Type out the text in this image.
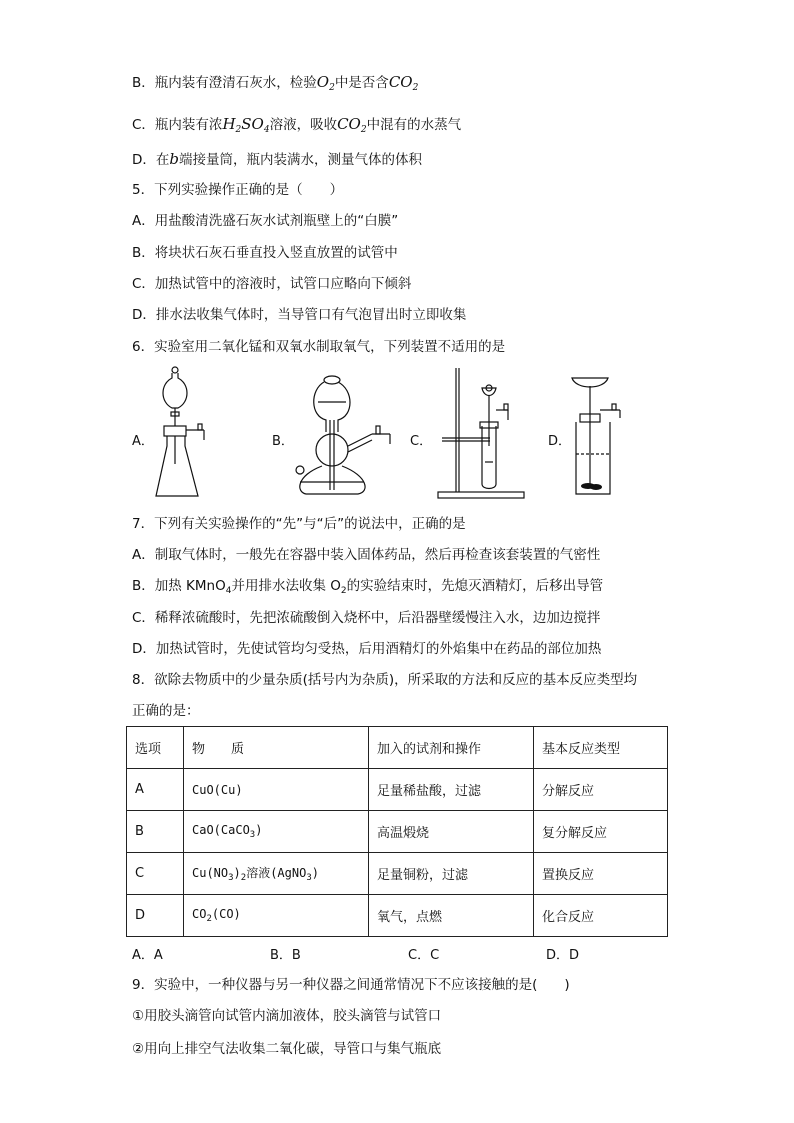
B．瓶内装有澄清石灰水，检验$O_2$中是否含$CO_2$
C．瓶内装有浓$H_2SO_4$溶液，吸收$CO_2$中混有的水蒸气
D．在b端接量筒，瓶内装满水，测量气体的体积
5．下列实验操作正确的是（　　）
A．用盐酸清洗盛石灰水试剂瓶壁上的“白膜”
B．将块状石灰石垂直投入竖直放置的试管中
C．加热试管中的溶液时，试管口应略向下倾斜
D．排水法收集气体时，当导管口有气泡冒出时立即收集
6．实验室用二氧化锰和双氧水制取氧气，下列装置不适用的是
A．	B．	C．	D．
7．下列有关实验操作的“先”与“后”的说法中，正确的是
A．制取气体时，一般先在容器中装入固体药品，然后再检查该套装置的气密性
B．加热 KMnO$_4$并用排水法收集 $O_2$的实验结束时，先熄灭酒精灯，后移出导管
C．稀释浓硫酸时，先把浓硫酸倒入烧杯中，后沿器壁缓慢注入水，边加边搅拌
D．加热试管时，先使试管均匀受热，后用酒精灯的外焰集中在药品的部位加热
8．欲除去物质中的少量杂质(括号内为杂质)，所采取的方法和反应的基本反应类型均
正确的是：
选项	物　　质	加入的试剂和操作	基本反应类型
A	CuO(Cu)	足量稀盐酸，过滤	分解反应
B	CaO(CaCO$_3$)	高温煅烧	复分解反应
C	$Cu(NO_3)_2$溶液(AgNO$_3$)	足量铜粉，过滤	置换反应
D	$CO_2(CO)$	氧气，点燃	化合反应
A．A	B．B	C．C	D．D
9．实验中，一种仪器与另一种仪器之间通常情况下不应该接触的是(　　)
①用胶头滴管向试管内滴加液体，胶头滴管与试管口
②用向上排空气法收集二氧化碳，导管口与集气瓶底
